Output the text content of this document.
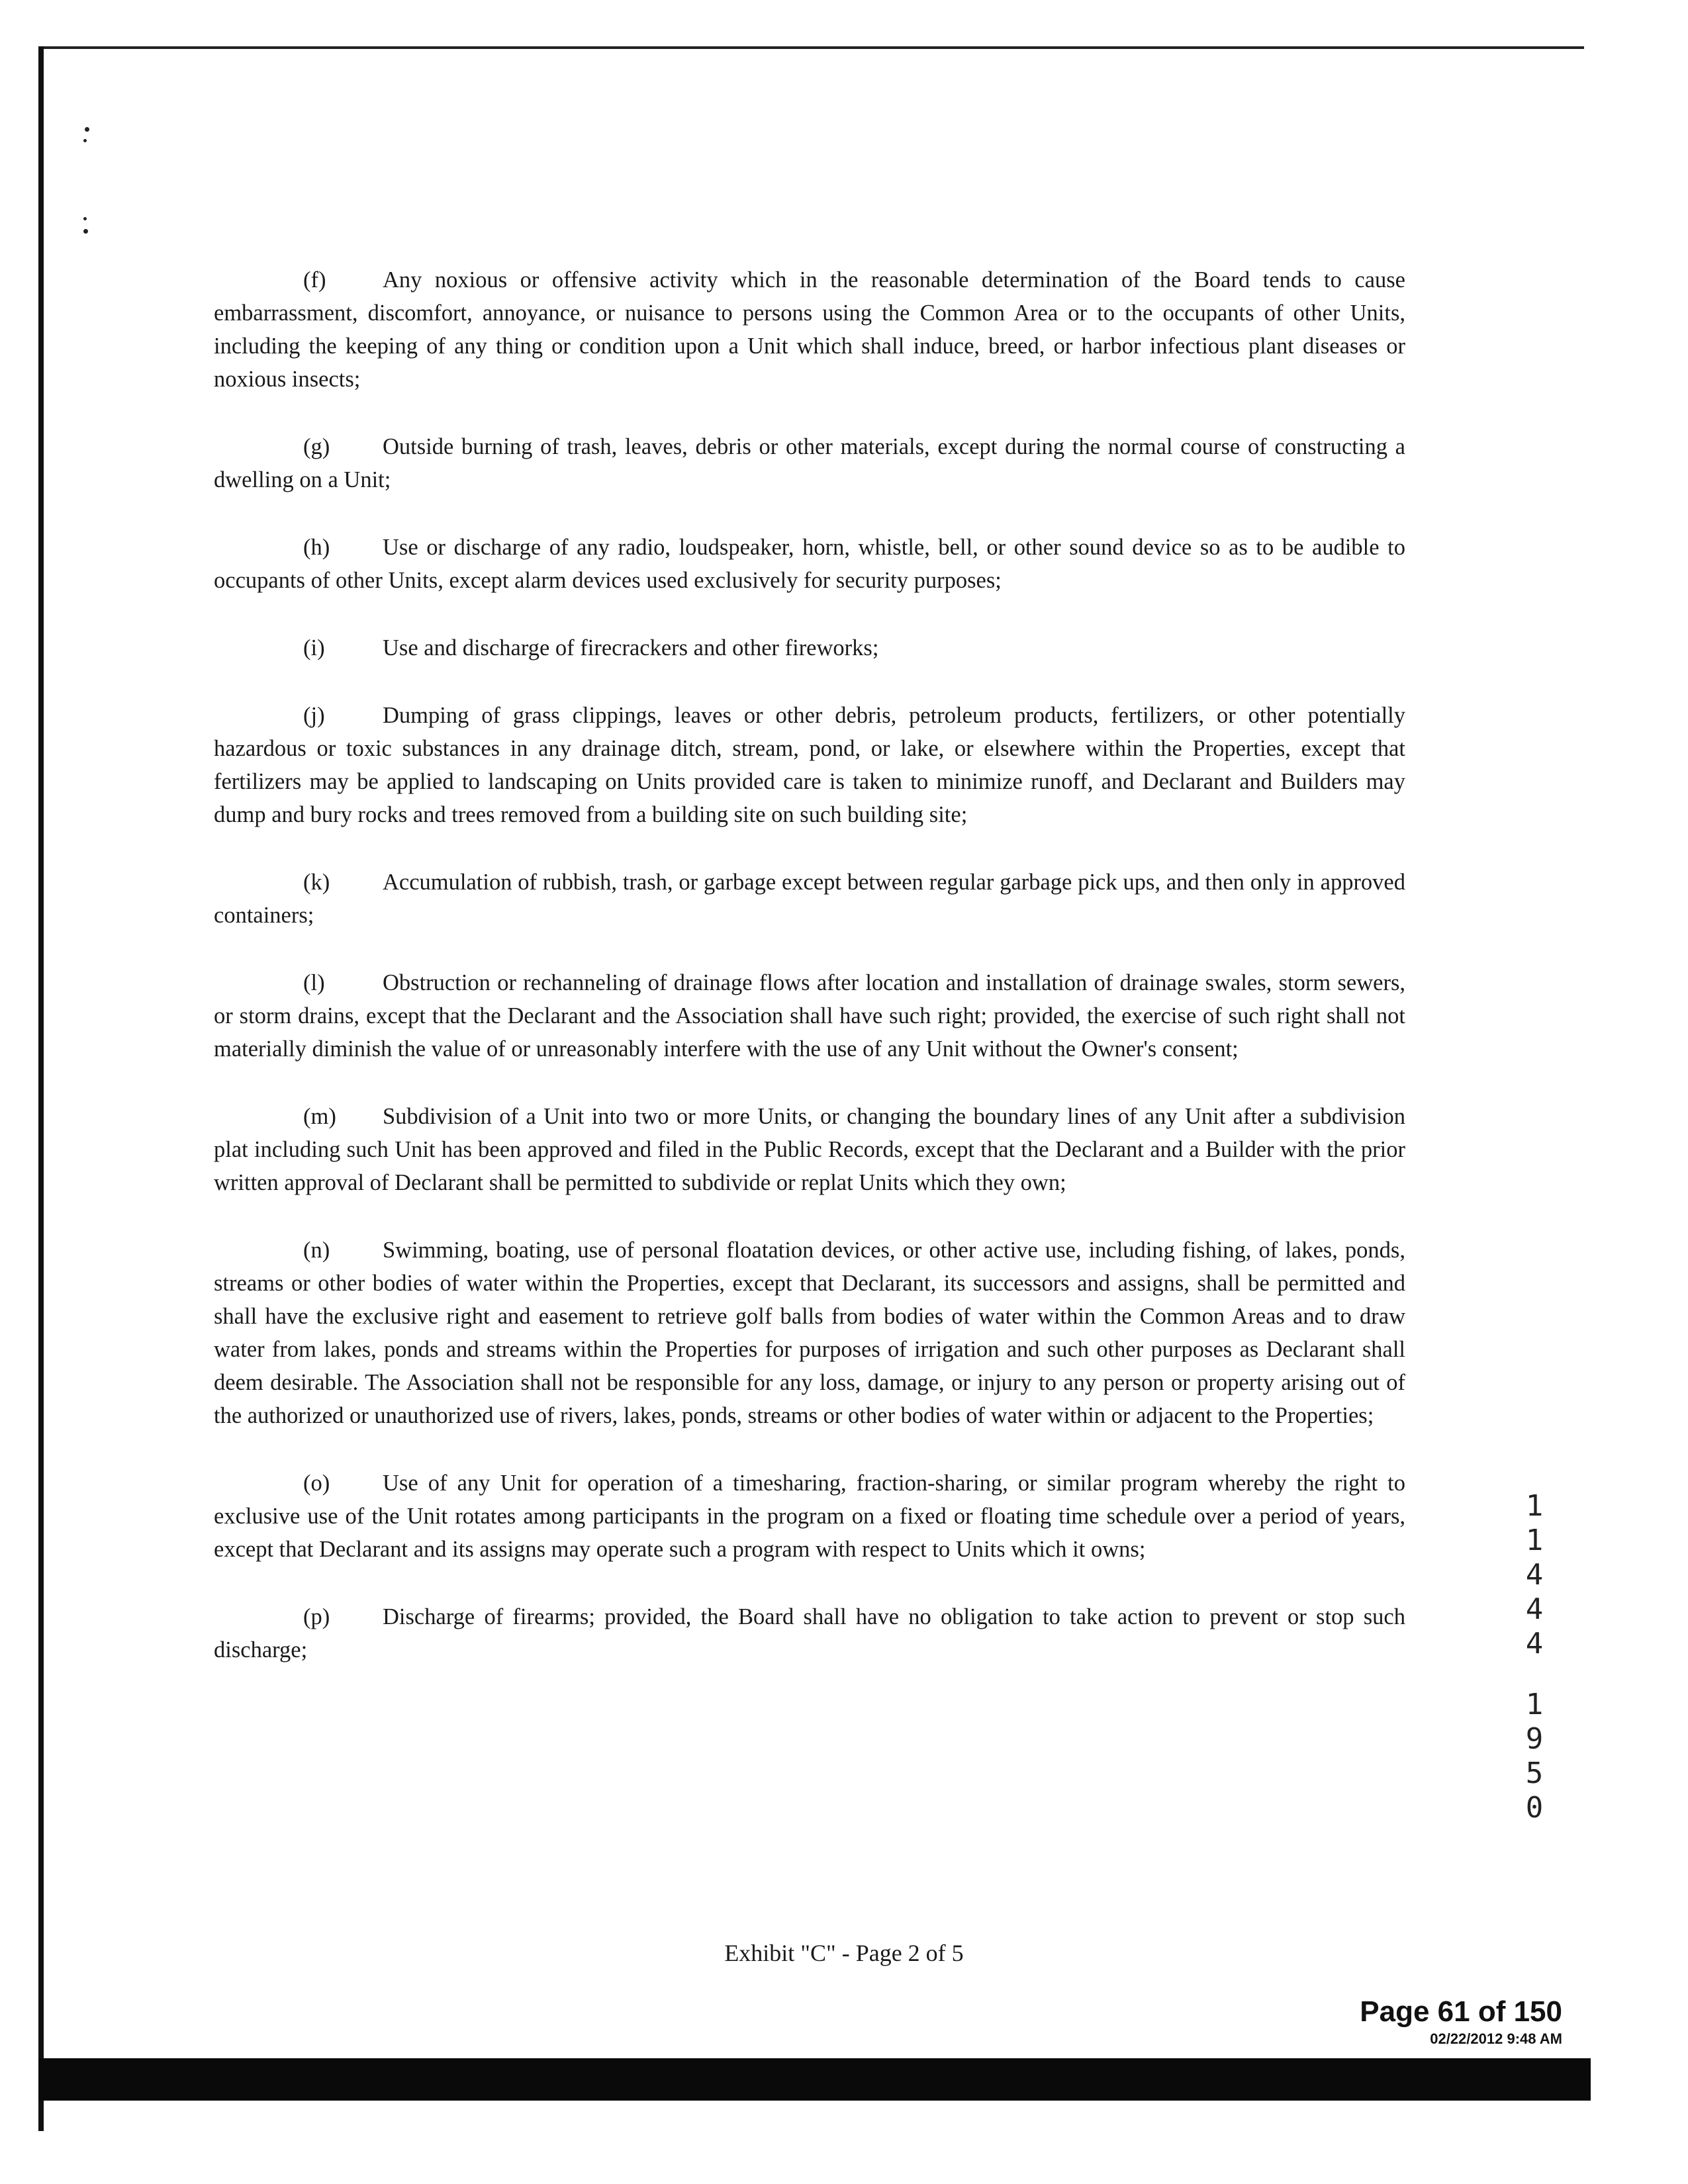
(f) Any noxious or offensive activity which in the reasonable determination of the Board tends to cause embarrassment, discomfort, annoyance, or nuisance to persons using the Common Area or to the occupants of other Units, including the keeping of any thing or condition upon a Unit which shall induce, breed, or harbor infectious plant diseases or noxious insects;

(g) Outside burning of trash, leaves, debris or other materials, except during the normal course of constructing a dwelling on a Unit;

(h) Use or discharge of any radio, loudspeaker, horn, whistle, bell, or other sound device so as to be audible to occupants of other Units, except alarm devices used exclusively for security purposes;

(i)	Use and discharge of firecrackers and other fireworks;

(j)	Dumping of grass clippings, leaves or other debris, petroleum products, fertilizers, or other potentially hazardous or toxic substances in any drainage ditch, stream, pond, or lake, or elsewhere within the Properties, except that fertilizers may be applied to landscaping on Units provided care is taken to minimize runoff, and Declarant and Builders may dump and bury rocks and trees removed from a building site on such building site;

(k) Accumulation of rubbish, trash, or garbage except between regular garbage pick ups, and then only in approved containers;

(l)	Obstruction or rechanneling of drainage flows after location and installation of drainage swales, storm sewers, or storm drains, except that the Declarant and the Association shall have such right; provided, the exercise of such right shall not materially diminish the value of or unreasonably interfere with the use of any Unit without the Owner's consent;

(m) Subdivision of a Unit into two or more Units, or changing the boundary lines of any Unit after a subdivision plat including such Unit has been approved and filed in the Public Records, except that the Declarant and a Builder with the prior written approval of Declarant shall be permitted to subdivide or replat Units which they own;

(n) Swimming, boating, use of personal floatation devices, or other active use, including fishing, of lakes, ponds, streams or other bodies of water within the Properties, except that Declarant, its successors and assigns, shall be permitted and shall have the exclusive right and easement to retrieve golf balls from bodies of water within the Common Areas and to draw water from lakes, ponds and streams within the Properties for purposes of irrigation and such other purposes as Declarant shall deem desirable. The Association shall not be responsible for any loss, damage, or injury to any person or property arising out of the authorized or unauthorized use of rivers, lakes, ponds, streams or other bodies of water within or adjacent to the Properties;

(o) Use of any Unit for operation of a timesharing, fraction-sharing, or similar program whereby the right to exclusive use of the Unit rotates among participants in the program on a fixed or floating time schedule over a period of years, except that Declarant and its assigns may operate such a program with respect to Units which it owns;

(p) Discharge of firearms; provided, the Board shall have no obligation to take action to prevent or stop such discharge;

1
1
4
4
4
1
9
5
0
Exhibit "C" - Page 2 of 5
Page 61 of 150
02/22/2012 9:48 AM
